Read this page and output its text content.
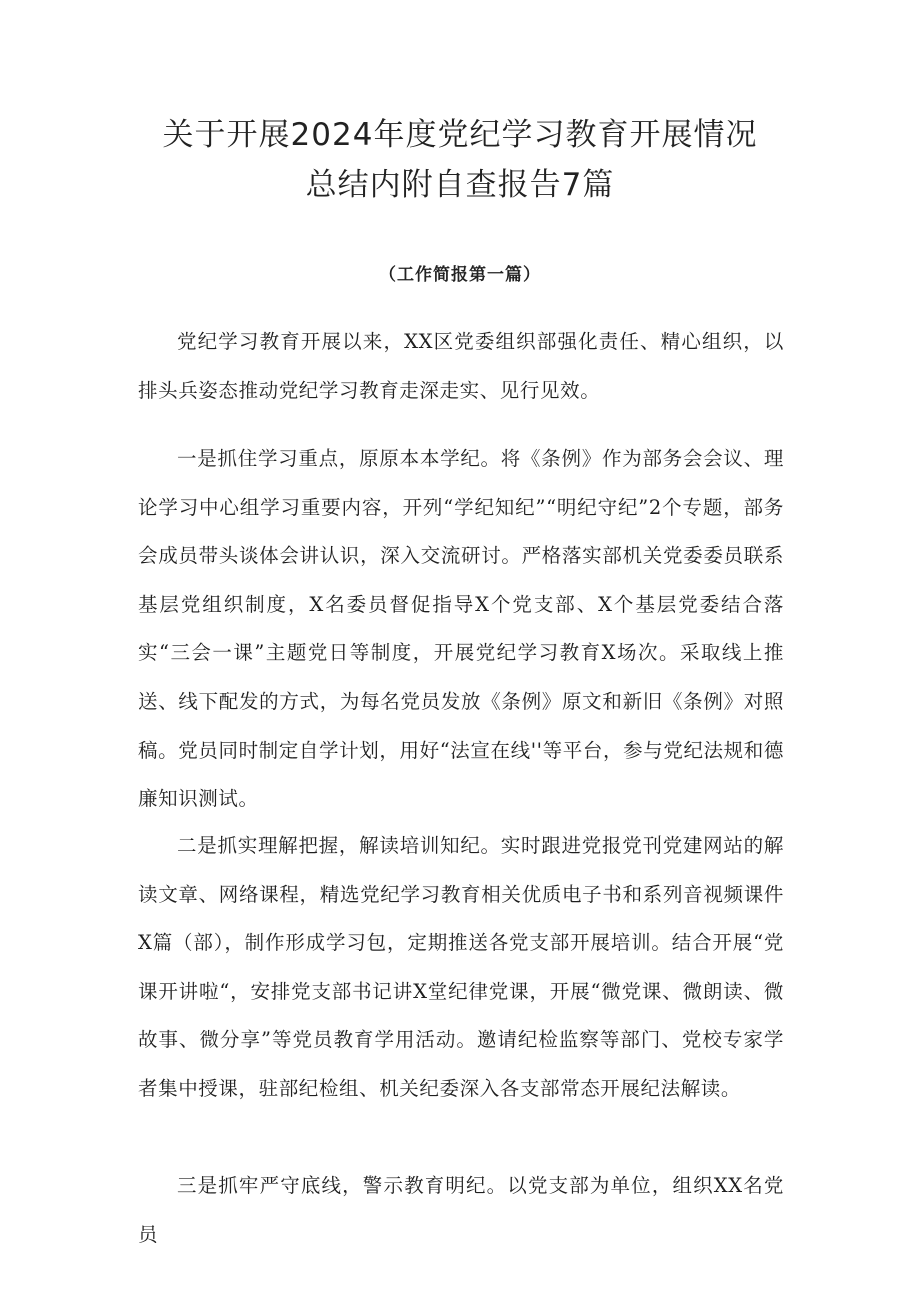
关于开展2024年度党纪学习教育开展情况
总结内附自查报告7篇

（工作简报第一篇）

党纪学习教育开展以来，XX区党委组织部强化责任、精心组织，以排头兵姿态推动党纪学习教育走深走实、见行见效。

一是抓住学习重点，原原本本学纪。将《条例》作为部务会会议、理论学习中心组学习重要内容，开列“学纪知纪”“明纪守纪”2个专题，部务会成员带头谈体会讲认识，深入交流研讨。严格落实部机关党委委员联系基层党组织制度，X名委员督促指导X个党支部、X个基层党委结合落实“三会一课”主题党日等制度，开展党纪学习教育X场次。采取线上推送、线下配发的方式，为每名党员发放《条例》原文和新旧《条例》对照稿。党员同时制定自学计划，用好“法宣在线''等平台，参与党纪法规和德廉知识测试。

二是抓实理解把握，解读培训知纪。实时跟进党报党刊党建网站的解读文章、网络课程，精选党纪学习教育相关优质电子书和系列音视频课件X篇（部），制作形成学习包，定期推送各党支部开展培训。结合开展“党课开讲啦“，安排党支部书记讲X堂纪律党课，开展“微党课、微朗读、微故事、微分享”等党员教育学用活动。邀请纪检监察等部门、党校专家学者集中授课，驻部纪检组、机关纪委深入各支部常态开展纪法解读。

三是抓牢严守底线，警示教育明纪。以党支部为单位，组织XX名党员
